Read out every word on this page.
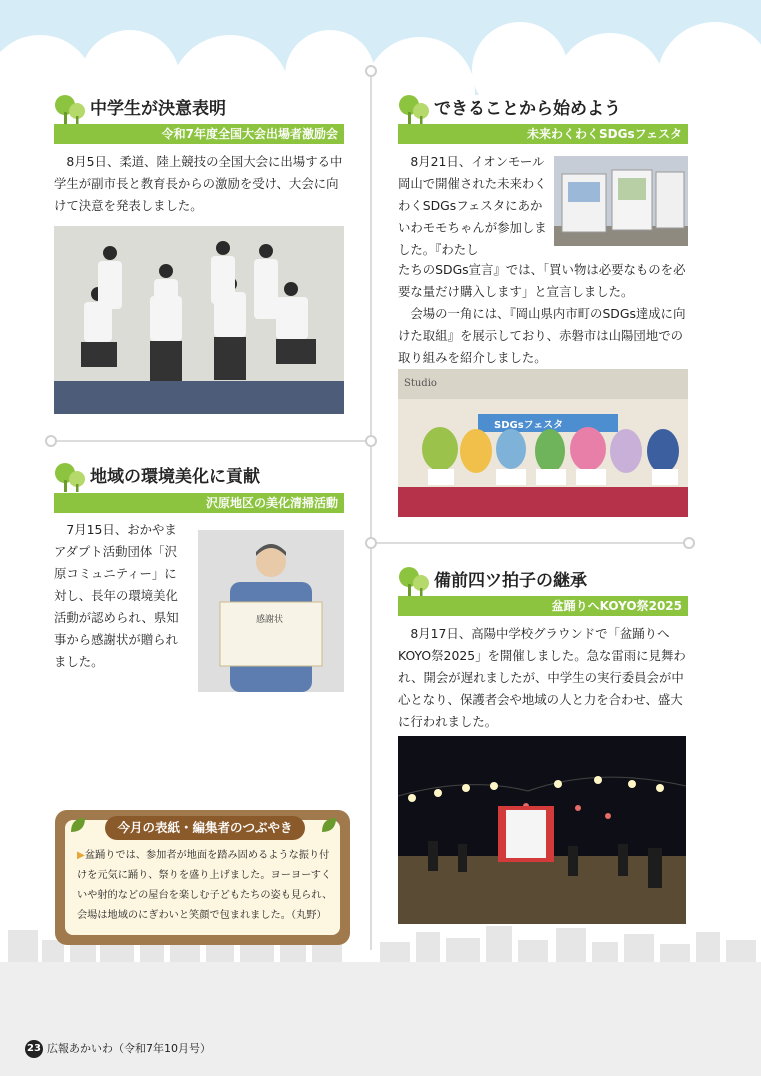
中学生が決意表明
令和7年度全国大会出場者激励会

8月5日、柔道、陸上競技の全国大会に出場する中学生が副市長と教育長からの激励を受け、大会に向けて決意を発表しました。

地域の環境美化に貢献
沢原地区の美化清掃活動

7月15日、おかやまアダプト活動団体「沢原コミュニティー」に対し、長年の環境美化活動が認められ、県知事から感謝状が贈られました。

感謝状
できることから始めよう
未来わくわくSDGsフェスタ

8月21日、イオンモール岡山で開催された未来わくわくSDGsフェスタにあかいわモモちゃんが参加しました。『わたし

たちのSDGs宣言』では、「買い物は必要なものを必要な量だけ購入します」と宣言しました。

会場の一角には、『岡山県内市町のSDGs達成に向けた取組』を展示しており、赤磐市は山陽団地での取り組みを紹介しました。

SDGsフェスタ
Studio
備前四ツ拍子の継承
盆踊りへKOYO祭2025

8月17日、高陽中学校グラウンドで「盆踊りへKOYO祭2025」を開催しました。急な雷雨に見舞われ、開会が遅れましたが、中学生の実行委員会が中心となり、保護者会や地域の人と力を合わせ、盛大に行われました。

今月の表紙・編集者のつぶやき
▶盆踊りでは、参加者が地面を踏み固めるような振り付けを元気に踊り、祭りを盛り上げました。ヨーヨーすくいや射的などの屋台を楽しむ子どもたちの姿も見られ、会場は地域のにぎわいと笑顔で包まれました。（丸野）
23 広報あかいわ（令和7年10月号）
